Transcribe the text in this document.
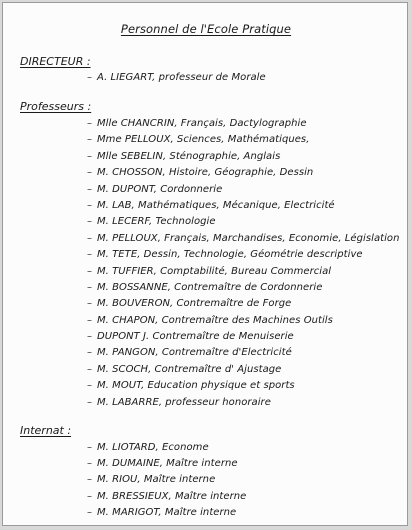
Personnel de l'Ecole Pratique
DIRECTEUR :
– A. LIEGART, professeur de Morale
Professeurs :
– Mlle CHANCRIN, Français, Dactylographie
– Mme PELLOUX, Sciences, Mathématiques,
– Mlle SEBELIN, Sténographie, Anglais
– M. CHOSSON, Histoire, Géographie, Dessin
– M. DUPONT, Cordonnerie
– M. LAB, Mathématiques, Mécanique, Electricité
– M. LECERF, Technologie
– M. PELLOUX, Français, Marchandises, Economie, Législation
– M. TETE, Dessin, Technologie, Géométrie descriptive
– M. TUFFIER, Comptabilité, Bureau Commercial
– M. BOSSANNE, Contremaître de Cordonnerie
– M. BOUVERON, Contremaître de Forge
– M. CHAPON, Contremaître des Machines Outils
– DUPONT J. Contremaître de Menuiserie
– M. PANGON, Contremaître d'Electricité
– M. SCOCH, Contremaître d' Ajustage
– M. MOUT, Education physique et sports
– M. LABARRE, professeur honoraire
Internat :
– M. LIOTARD, Econome
– M. DUMAINE, Maître interne
– M. RIOU, Maître interne
– M. BRESSIEUX, Maître interne
– M. MARIGOT, Maître interne
